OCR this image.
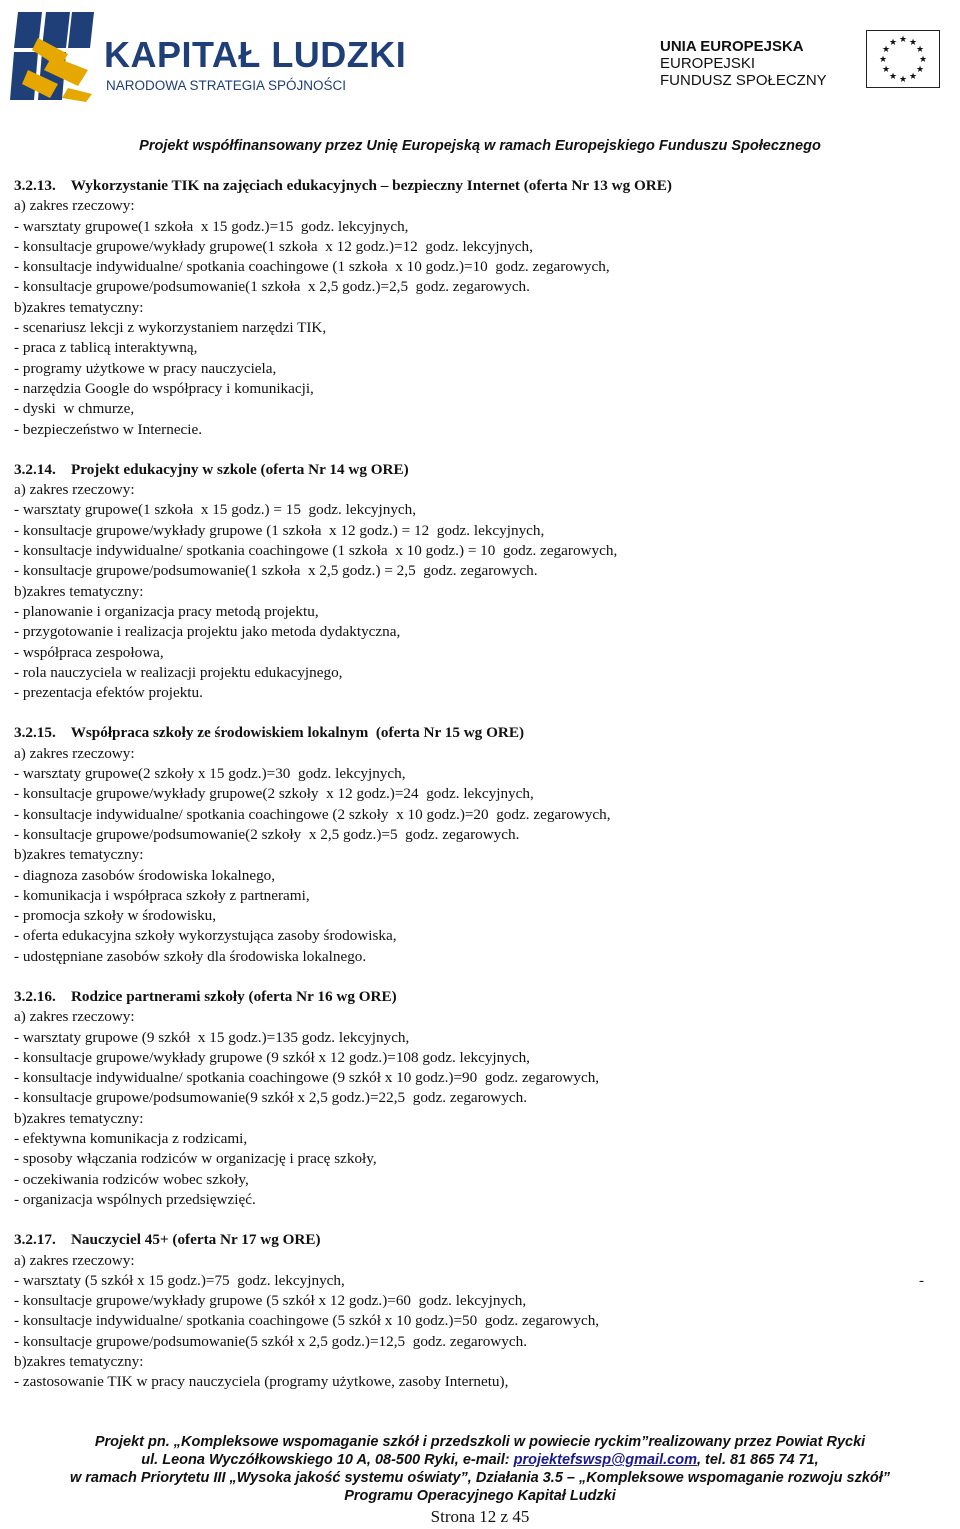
KAPITAŁ LUDZKI
NARODOWA STRATEGIA SPÓJNOŚCI
UNIA EUROPEJSKA
EUROPEJSKI
FUNDUSZ SPOŁECZNY
★ ★
★
★
★
★
★
★
★
★
★
★
Projekt współfinansowany przez Unię Europejską w ramach Europejskiego Funduszu Społecznego
3.2.13. Wykorzystanie TIK na zajęciach edukacyjnych – bezpieczny Internet (oferta Nr 13 wg ORE)
a) zakres rzeczowy:
- warsztaty grupowe(1 szkoła  x 15 godz.)=15  godz. lekcyjnych,
- konsultacje grupowe/wykłady grupowe(1 szkoła  x 12 godz.)=12  godz. lekcyjnych,
- konsultacje indywidualne/ spotkania coachingowe (1 szkoła  x 10 godz.)=10  godz. zegarowych,
- konsultacje grupowe/podsumowanie(1 szkoła  x 2,5 godz.)=2,5  godz. zegarowych.
b)zakres tematyczny:
- scenariusz lekcji z wykorzystaniem narzędzi TIK,
- praca z tablicą interaktywną,
- programy użytkowe w pracy nauczyciela,
- narzędzia Google do współpracy i komunikacji,
- dyski  w chmurze,
- bezpieczeństwo w Internecie.
3.2.14. Projekt edukacyjny w szkole (oferta Nr 14 wg ORE)
a) zakres rzeczowy:
- warsztaty grupowe(1 szkoła  x 15 godz.) = 15  godz. lekcyjnych,
- konsultacje grupowe/wykłady grupowe (1 szkoła  x 12 godz.) = 12  godz. lekcyjnych,
- konsultacje indywidualne/ spotkania coachingowe (1 szkoła  x 10 godz.) = 10  godz. zegarowych,
- konsultacje grupowe/podsumowanie(1 szkoła  x 2,5 godz.) = 2,5  godz. zegarowych.
b)zakres tematyczny:
- planowanie i organizacja pracy metodą projektu,
- przygotowanie i realizacja projektu jako metoda dydaktyczna,
- współpraca zespołowa,
- rola nauczyciela w realizacji projektu edukacyjnego,
- prezentacja efektów projektu.
3.2.15. Współpraca szkoły ze środowiskiem lokalnym  (oferta Nr 15 wg ORE)
a) zakres rzeczowy:
- warsztaty grupowe(2 szkoły x 15 godz.)=30  godz. lekcyjnych,
- konsultacje grupowe/wykłady grupowe(2 szkoły  x 12 godz.)=24  godz. lekcyjnych,
- konsultacje indywidualne/ spotkania coachingowe (2 szkoły  x 10 godz.)=20  godz. zegarowych,
- konsultacje grupowe/podsumowanie(2 szkoły  x 2,5 godz.)=5  godz. zegarowych.
b)zakres tematyczny:
- diagnoza zasobów środowiska lokalnego,
- komunikacja i współpraca szkoły z partnerami,
- promocja szkoły w środowisku,
- oferta edukacyjna szkoły wykorzystująca zasoby środowiska,
- udostępniane zasobów szkoły dla środowiska lokalnego.
3.2.16. Rodzice partnerami szkoły (oferta Nr 16 wg ORE)
a) zakres rzeczowy:
- warsztaty grupowe (9 szkół  x 15 godz.)=135 godz. lekcyjnych,
- konsultacje grupowe/wykłady grupowe (9 szkół x 12 godz.)=108 godz. lekcyjnych,
- konsultacje indywidualne/ spotkania coachingowe (9 szkół x 10 godz.)=90  godz. zegarowych,
- konsultacje grupowe/podsumowanie(9 szkół x 2,5 godz.)=22,5  godz. zegarowych.
b)zakres tematyczny:
- efektywna komunikacja z rodzicami,
- sposoby włączania rodziców w organizację i pracę szkoły,
- oczekiwania rodziców wobec szkoły,
- organizacja wspólnych przedsięwzięć.
3.2.17. Nauczyciel 45+ (oferta Nr 17 wg ORE)
a) zakres rzeczowy:
- warsztaty (5 szkół x 15 godz.)=75  godz. lekcyjnych,	-
- konsultacje grupowe/wykłady grupowe (5 szkół x 12 godz.)=60  godz. lekcyjnych,
- konsultacje indywidualne/ spotkania coachingowe (5 szkół x 10 godz.)=50  godz. zegarowych,
- konsultacje grupowe/podsumowanie(5 szkół x 2,5 godz.)=12,5  godz. zegarowych.
b)zakres tematyczny:
- zastosowanie TIK w pracy nauczyciela (programy użytkowe, zasoby Internetu),
Projekt pn. „Kompleksowe wspomaganie szkół i przedszkoli w powiecie ryckim”realizowany przez Powiat Rycki
ul. Leona Wyczółkowskiego 10 A, 08-500 Ryki, e-mail: projektefswsp@gmail.com, tel. 81 865 74 71,
w ramach Priorytetu III „Wysoka jakość systemu oświaty”, Działania 3.5 – „Kompleksowe wspomaganie rozwoju szkół”
Programu Operacyjnego Kapitał Ludzki
Strona 12 z 45
